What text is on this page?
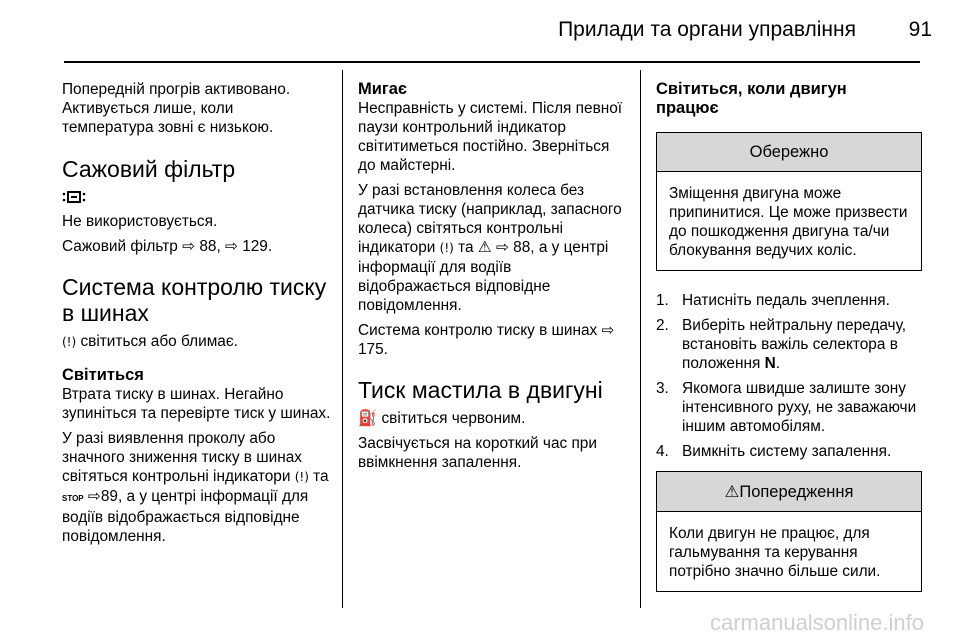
Прилади та органи управління	91

Попередній прогрів активовано. Активується лише, коли температура зовні є низькою.

Сажовий фільтр

Не використовується.

Сажовий фільтр ⇨ 88, ⇨ 129.

Система контролю тиску в шинах

(!) світиться або блимає.

Світиться

Втрата тиску в шинах. Негайно зупиніться та перевірте тиск у шинах.

У разі виявлення проколу або значного зниження тиску в шинах світяться контрольні індикатори (!) та STOP ⇨89, а у центрі інформації для водіїв відображається відповідне повідомлення.

Мигає

Несправність у системі. Після певної паузи контрольний індикатор світитиметься постійно. Зверніться до майстерні.

У разі встановлення колеса без датчика тиску (наприклад, запасного колеса) світяться контрольні індикатори (!) та ⚠ ⇨ 88, а у центрі інформації для водіїв відображається відповідне повідомлення.

Система контролю тиску в шинах ⇨ 175.

Тиск мастила в двигуні

⛽ світиться червоним.

Засвічується на короткий час при ввімкнення запалення.

Світиться, коли двигун працює
Обережно
Зміщення двигуна може припинитися. Це може призвести до пошкодження двигуна та/чи блокування ведучих коліс.
1. Натисніть педаль зчеплення.
2. Виберіть нейтральну передачу, встановіть важіль селектора в положення N.
3. Якомога швидше залиште зону інтенсивного руху, не заважаючи іншим автомобілям.
4. Вимкніть систему запалення.
⚠Попередження
Коли двигун не працює, для гальмування та керування потрібно значно більше сили.
carmanualsonline.info
